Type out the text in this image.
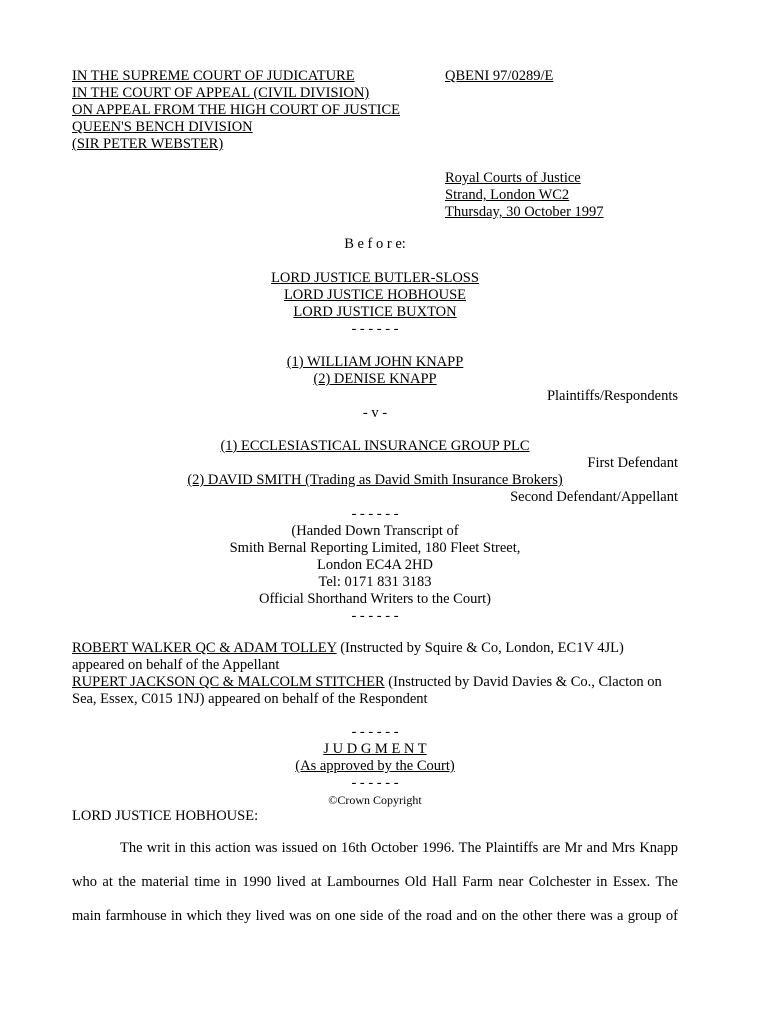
IN THE SUPREME COURT OF JUDICATURE
IN THE COURT OF APPEAL (CIVIL DIVISION)
ON APPEAL FROM THE HIGH COURT OF JUSTICE
QUEEN'S BENCH DIVISION
(SIR PETER WEBSTER)
QBENI 97/0289/E
Royal Courts of Justice
Strand, London WC2
Thursday, 30 October 1997
B e f o r e:
LORD JUSTICE BUTLER-SLOSS
LORD JUSTICE HOBHOUSE
LORD JUSTICE BUXTON
- - - - - -
(1) WILLIAM JOHN KNAPP
(2) DENISE KNAPP
Plaintiffs/Respondents
- v -
(1) ECCLESIASTICAL INSURANCE GROUP PLC
First Defendant
(2) DAVID SMITH (Trading as David Smith Insurance Brokers)
Second Defendant/Appellant
- - - - - -
(Handed Down Transcript of
Smith Bernal Reporting Limited, 180 Fleet Street,
London EC4A 2HD
Tel: 0171 831 3183
Official Shorthand Writers to the Court)
- - - - - -
ROBERT WALKER QC & ADAM TOLLEY (Instructed by Squire & Co, London, EC1V 4JL)
appeared on behalf of the Appellant
RUPERT JACKSON QC & MALCOLM STITCHER (Instructed by David Davies & Co., Clacton on
Sea, Essex, C015 1NJ) appeared on behalf of the Respondent
- - - - - -
J U D G M E N T
(As approved by the Court)
- - - - - -
©Crown Copyright
LORD JUSTICE HOBHOUSE:
The writ in this action was issued on 16th October 1996. The Plaintiffs are Mr and Mrs Knapp
who at the material time in 1990 lived at Lambournes Old Hall Farm near Colchester in Essex. The
main farmhouse in which they lived was on one side of the road and on the other there was a group of
